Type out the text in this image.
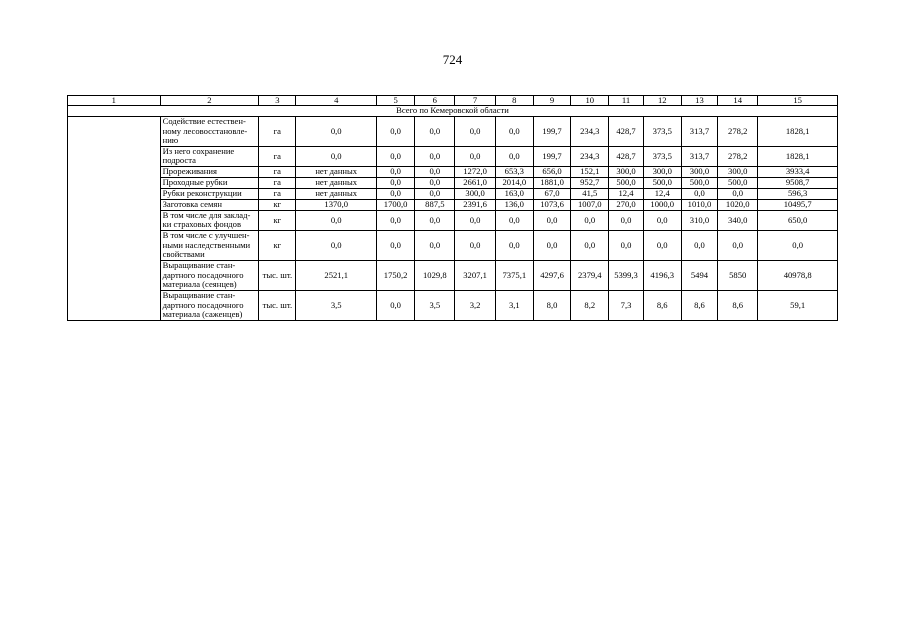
724
1	2	3	4	5	6	7	8	9	10	11	12	13	14	15
Всего по Кемеровской области														
	Содействие естествен-ному лесовосстановле-нию	га	0,0	0,0	0,0	0,0	0,0	199,7	234,3	428,7	373,5	313,7	278,2	1828,1
	Из него сохранение подроста	га	0,0	0,0	0,0	0,0	0,0	199,7	234,3	428,7	373,5	313,7	278,2	1828,1
	Прореживания	га	нет данных	0,0	0,0	1272,0	653,3	656,0	152,1	300,0	300,0	300,0	300,0	3933,4
	Проходные рубки	га	нет данных	0,0	0,0	2661,0	2014,0	1881,0	952,7	500,0	500,0	500,0	500,0	9508,7
	Рубки реконструкции	га	нет данных	0,0	0,0	300,0	163,0	67,0	41,5	12,4	12,4	0,0	0,0	596,3
	Заготовка семян	кг	1370,0	1700,0	887,5	2391,6	136,0	1073,6	1007,0	270,0	1000,0	1010,0	1020,0	10495,7
	В том числе для заклад-ки страховых фондов	кг	0,0	0,0	0,0	0,0	0,0	0,0	0,0	0,0	0,0	310,0	340,0	650,0
	В том числе с улучшен-ными наследственными свойствами	кг	0,0	0,0	0,0	0,0	0,0	0,0	0,0	0,0	0,0	0,0	0,0	0,0
	Выращивание стан-дартного посадочного материала (сеянцев)	тыс. шт.	2521,1	1750,2	1029,8	3207,1	7375,1	4297,6	2379,4	5399,3	4196,3	5494	5850	40978,8
	Выращивание стан-дартного посадочного материала (саженцев)	тыс. шт.	3,5	0,0	3,5	3,2	3,1	8,0	8,2	7,3	8,6	8,6	8,6	59,1
